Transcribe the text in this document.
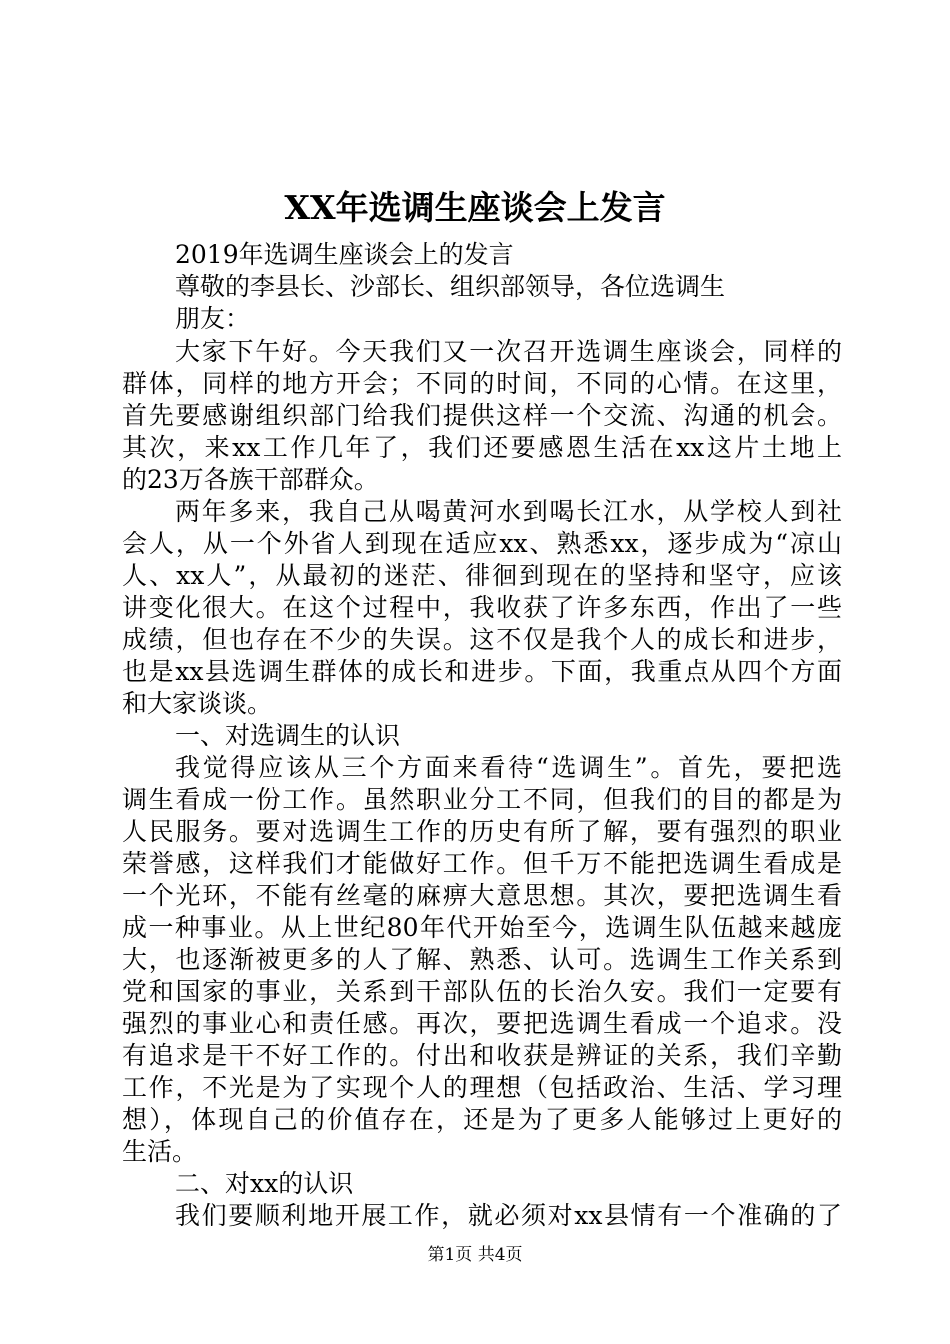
XX年选调生座谈会上发言
2019年选调生座谈会上的发言
尊敬的李县长、沙部长、组织部领导，各位选调生
朋友：
大家下午好。今天我们又一次召开选调生座谈会，同样的
群体，同样的地方开会；不同的时间，不同的心情。在这里，
首先要感谢组织部门给我们提供这样一个交流、沟通的机会。
其次，来xx工作几年了，我们还要感恩生活在xx这片土地上
的23万各族干部群众。
两年多来，我自己从喝黄河水到喝长江水，从学校人到社
会人，从一个外省人到现在适应xx、熟悉xx，逐步成为“凉山
人、xx人”，从最初的迷茫、徘徊到现在的坚持和坚守，应该
讲变化很大。在这个过程中，我收获了许多东西，作出了一些
成绩，但也存在不少的失误。这不仅是我个人的成长和进步，
也是xx县选调生群体的成长和进步。下面，我重点从四个方面
和大家谈谈。
一、对选调生的认识
我觉得应该从三个方面来看待“选调生”。首先，要把选
调生看成一份工作。虽然职业分工不同，但我们的目的都是为
人民服务。要对选调生工作的历史有所了解，要有强烈的职业
荣誉感，这样我们才能做好工作。但千万不能把选调生看成是
一个光环，不能有丝毫的麻痹大意思想。其次，要把选调生看
成一种事业。从上世纪80年代开始至今，选调生队伍越来越庞
大，也逐渐被更多的人了解、熟悉、认可。选调生工作关系到
党和国家的事业，关系到干部队伍的长治久安。我们一定要有
强烈的事业心和责任感。再次，要把选调生看成一个追求。没
有追求是干不好工作的。付出和收获是辨证的关系，我们辛勤
工作，不光是为了实现个人的理想（包括政治、生活、学习理
想），体现自己的价值存在，还是为了更多人能够过上更好的
生活。
二、对xx的认识
我们要顺利地开展工作，就必须对xx县情有一个准确的了
第1页 共4页
